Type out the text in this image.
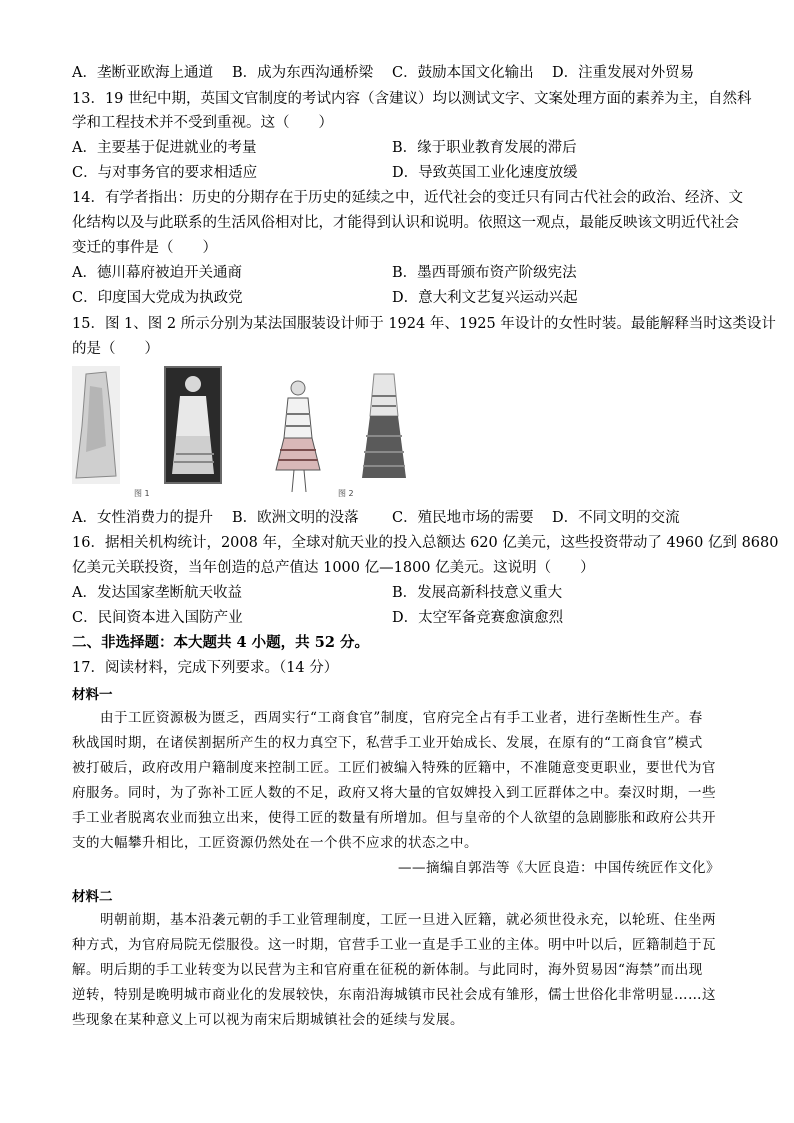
A．垄断亚欧海上通道 B．成为东西沟通桥梁 C．鼓励本国文化输出 D．注重发展对外贸易
13．19 世纪中期，英国文官制度的考试内容（含建议）均以测试文字、文案处理方面的素养为主，自然科
学和工程技术并不受到重视。这（　　）
A．主要基于促进就业的考量	B．缘于职业教育发展的滞后
C．与对事务官的要求相适应	D．导致英国工业化速度放缓
14．有学者指出：历史的分期存在于历史的延续之中，近代社会的变迁只有同古代社会的政治、经济、文
化结构以及与此联系的生活风俗相对比，才能得到认识和说明。依照这一观点，最能反映该文明近代社会
变迁的事件是（　　）
A．德川幕府被迫开关通商	B．墨西哥颁布资产阶级宪法
C．印度国大党成为执政党	D．意大利文艺复兴运动兴起
15．图 1、图 2 所示分别为某法国服装设计师于 1924 年、1925 年设计的女性时装。最能解释当时这类设计
的是（　　）
图 1	图 2
A．女性消费力的提升 B．欧洲文明的没落 C．殖民地市场的需要 D．不同文明的交流
16．据相关机构统计，2008 年，全球对航天业的投入总额达 620 亿美元，这些投资带动了 4960 亿到 8680
亿美元关联投资，当年创造的总产值达 1000 亿—1800 亿美元。这说明（　　）
A．发达国家垄断航天收益	B．发展高新科技意义重大
C．民间资本进入国防产业	D．太空军备竞赛愈演愈烈
二、非选择题：本大题共 4 小题，共 52 分。
17．阅读材料，完成下列要求。（14 分）
材料一
由于工匠资源极为匮乏，西周实行“工商食官”制度，官府完全占有手工业者，进行垄断性生产。春
秋战国时期，在诸侯割据所产生的权力真空下，私营手工业开始成长、发展，在原有的“工商食官”模式
被打破后，政府改用户籍制度来控制工匠。工匠们被编入特殊的匠籍中，不准随意变更职业，要世代为官
府服务。同时，为了弥补工匠人数的不足，政府又将大量的官奴婢投入到工匠群体之中。秦汉时期，一些
手工业者脱离农业而独立出来，使得工匠的数量有所增加。但与皇帝的个人欲望的急剧膨胀和政府公共开
支的大幅攀升相比，工匠资源仍然处在一个供不应求的状态之中。
——摘编自郭浩等《大匠良造：中国传统匠作文化》
材料二
明朝前期，基本沿袭元朝的手工业管理制度，工匠一旦进入匠籍，就必须世役永充，以轮班、住坐两
种方式，为官府局院无偿服役。这一时期，官营手工业一直是手工业的主体。明中叶以后，匠籍制趋于瓦
解。明后期的手工业转变为以民营为主和官府重在征税的新体制。与此同时，海外贸易因“海禁”而出现
逆转，特别是晚明城市商业化的发展较快，东南沿海城镇市民社会成有雏形，儒士世俗化非常明显……这
些现象在某种意义上可以视为南宋后期城镇社会的延续与发展。
